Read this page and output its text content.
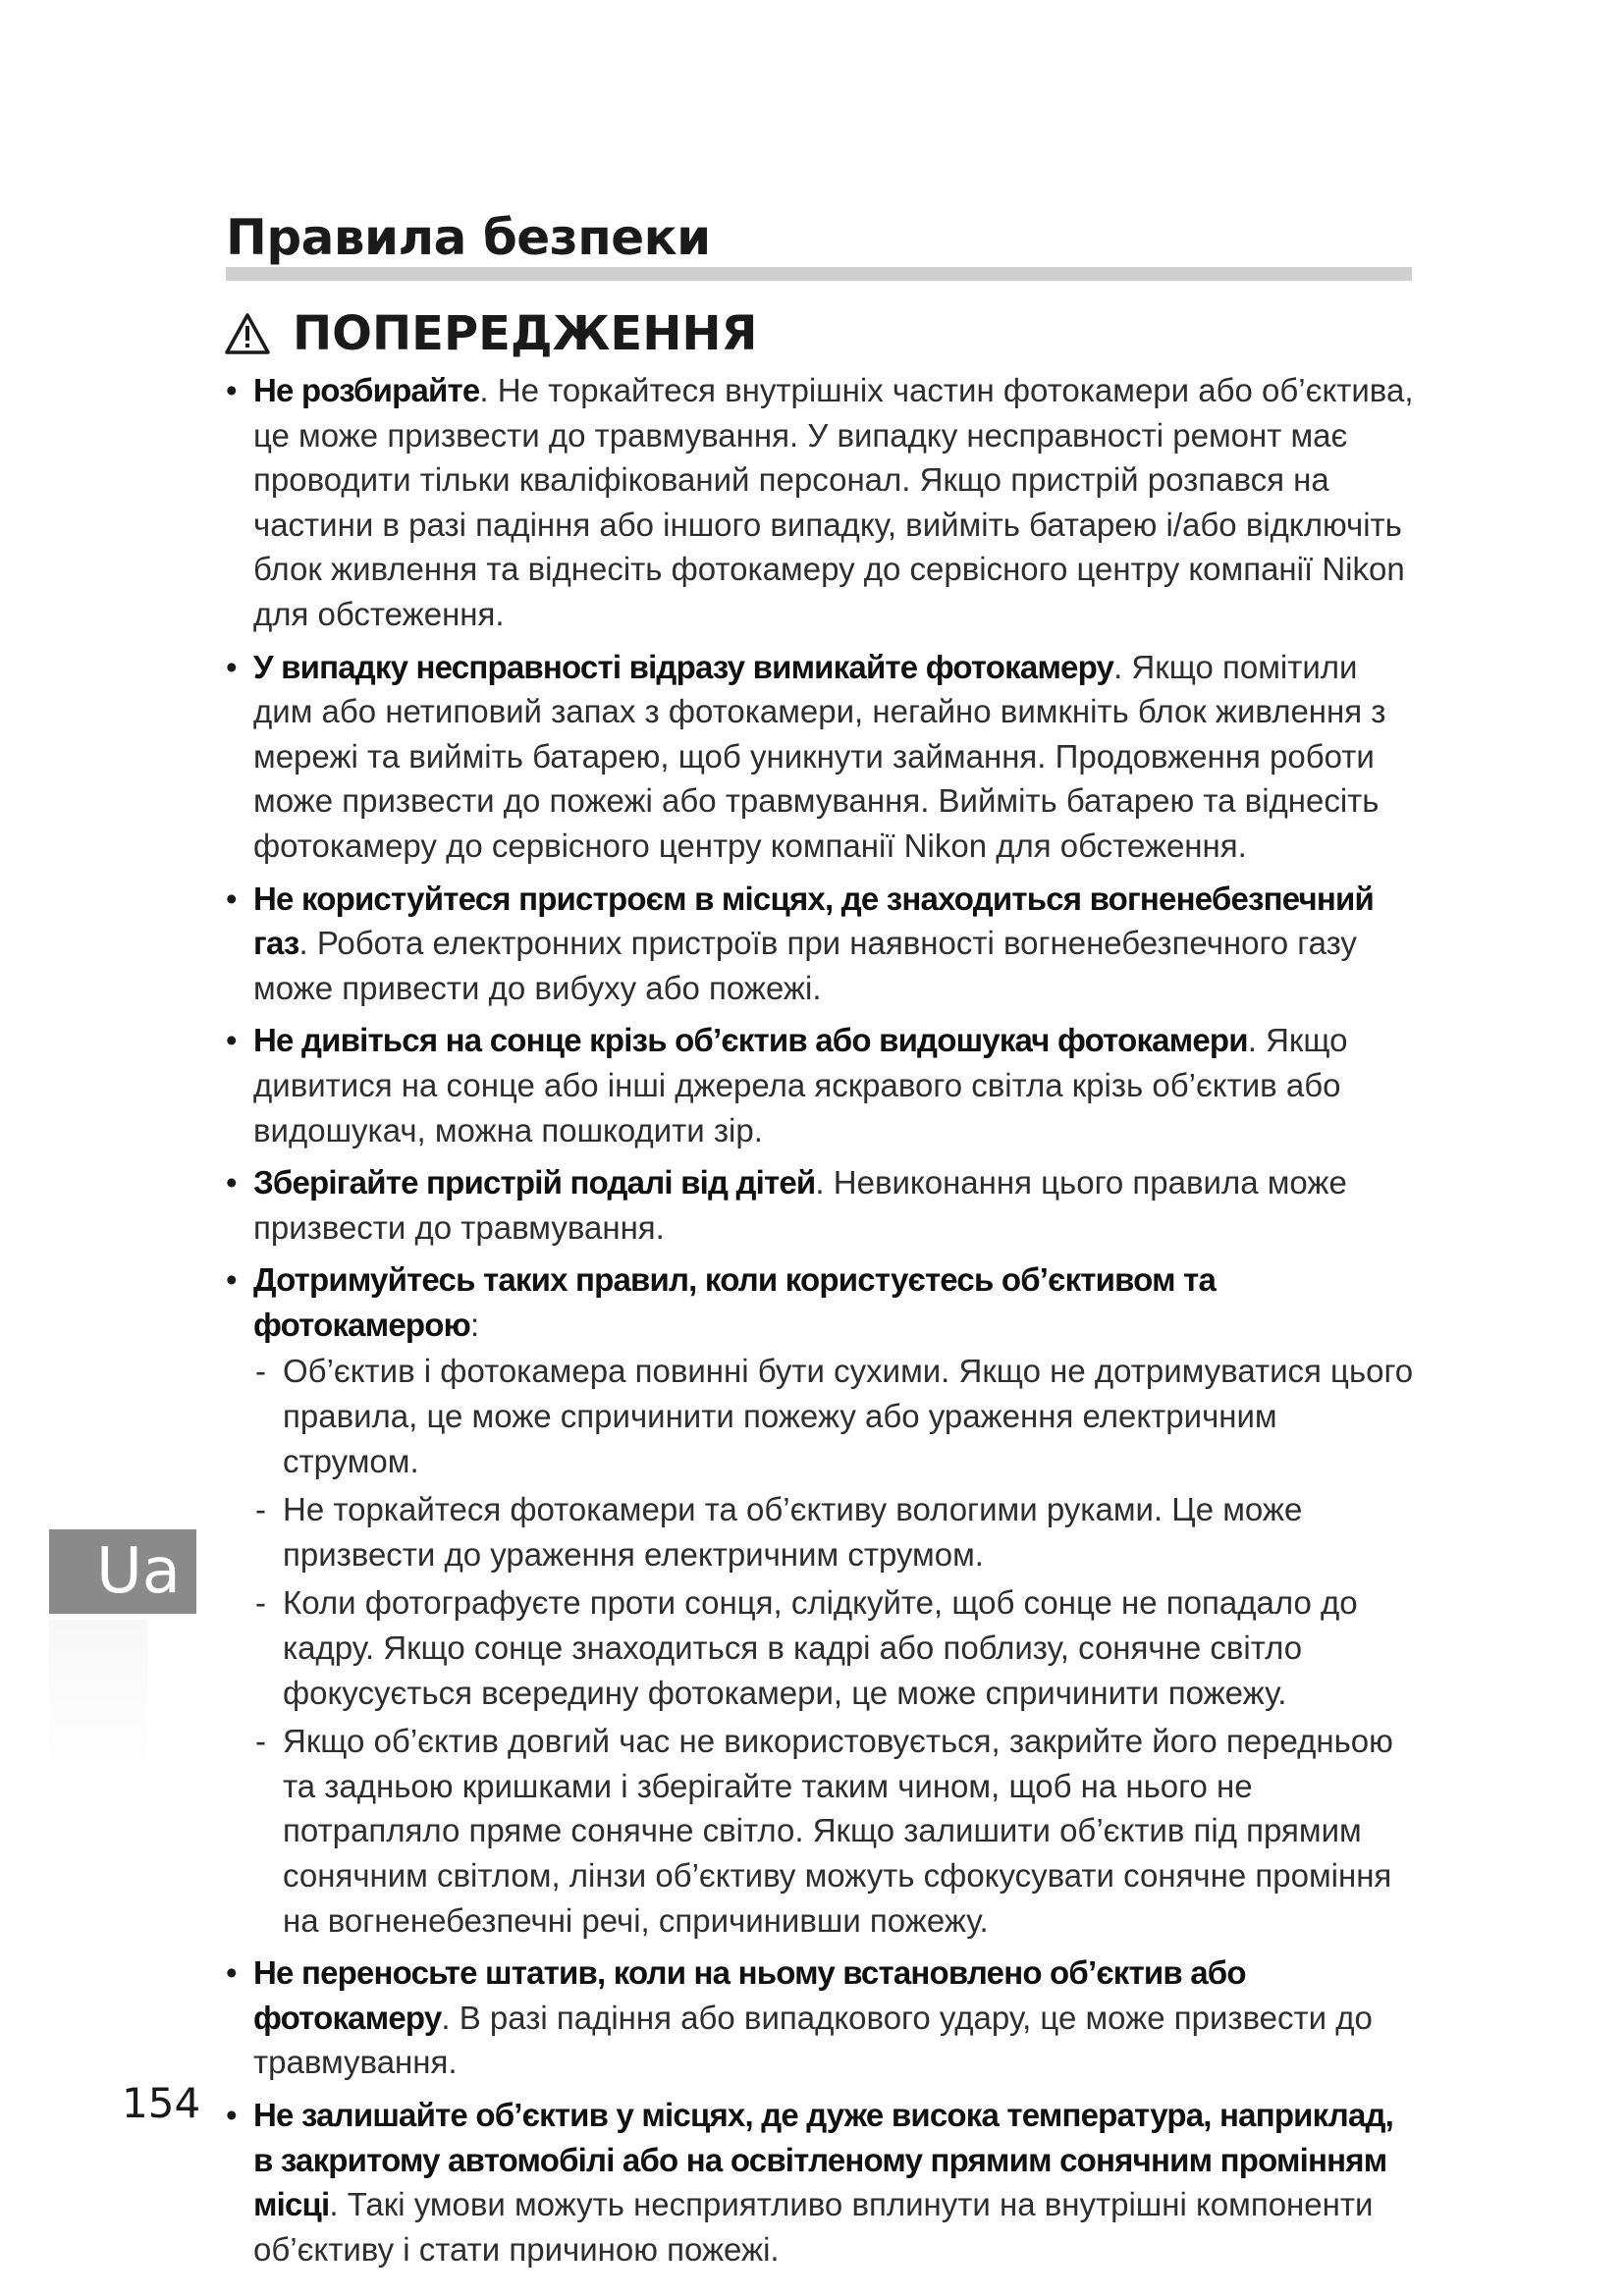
Правила безпеки
ПОПЕРЕДЖЕННЯ
• Не розбирайте. Не торкайтеся внутрішніх частин фотокамери або об’єктива, це може призвести до травмування. У випадку несправності ремонт має проводити тільки кваліфікований персонал. Якщо пристрій розпався на частини в разі падіння або іншого випадку, вийміть батарею і/або відключіть блок живлення та віднесіть фотокамеру до сервісного центру компанії Nikon для обстеження.
• У випадку несправності відразу вимикайте фотокамеру. Якщо помітили дим або нетиповий запах з фотокамери, негайно вимкніть блок живлення з мережі та вийміть батарею, щоб уникнути займання. Продовження роботи може призвести до пожежі або травмування. Вийміть батарею та віднесіть фотокамеру до сервісного центру компанії Nikon для обстеження.
• Не користуйтеся пристроєм в місцях, де знаходиться вогненебезпечний газ. Робота електронних пристроїв при наявності вогненебезпечного газу може привести до вибуху або пожежі.
• Не дивіться на сонце крізь об’єктив або видошукач фотокамери. Якщо дивитися на сонце або інші джерела яскравого світла крізь об’єктив або видошукач, можна пошкодити зір.
• Зберігайте пристрій подалі від дітей. Невиконання цього правила може призвести до травмування.
• Дотримуйтесь таких правил, коли користуєтесь об’єктивом та фотокамерою:
- Об’єктив і фотокамера повинні бути сухими. Якщо не дотримуватися цього правила, це може спричинити пожежу або ураження електричним струмом.
- Не торкайтеся фотокамери та об’єктиву вологими руками. Це може призвести до ураження електричним струмом.
- Коли фотографуєте проти сонця, слідкуйте, щоб сонце не попадало до кадру. Якщо сонце знаходиться в кадрі або поблизу, сонячне світло фокусується всередину фотокамери, це може спричинити пожежу.
- Якщо об’єктив довгий час не використовується, закрийте його передньою та задньою кришками і зберігайте таким чином, щоб на нього не потрапляло пряме сонячне світло. Якщо залишити об’єктив під прямим сонячним світлом, лінзи об’єктиву можуть сфокусувати сонячне проміння на вогненебезпечні речі, спричинивши пожежу.
• Не переносьте штатив, коли на ньому встановлено об’єктив або фотокамеру. В разі падіння або випадкового удару, це може призвести до травмування.
• Не залишайте об’єктив у місцях, де дуже висока температура, наприклад, в закритому автомобілі або на освітленому прямим сонячним промінням місці. Такі умови можуть несприятливо вплинути на внутрішні компоненти об’єктиву і стати причиною пожежі.
Ua
154
